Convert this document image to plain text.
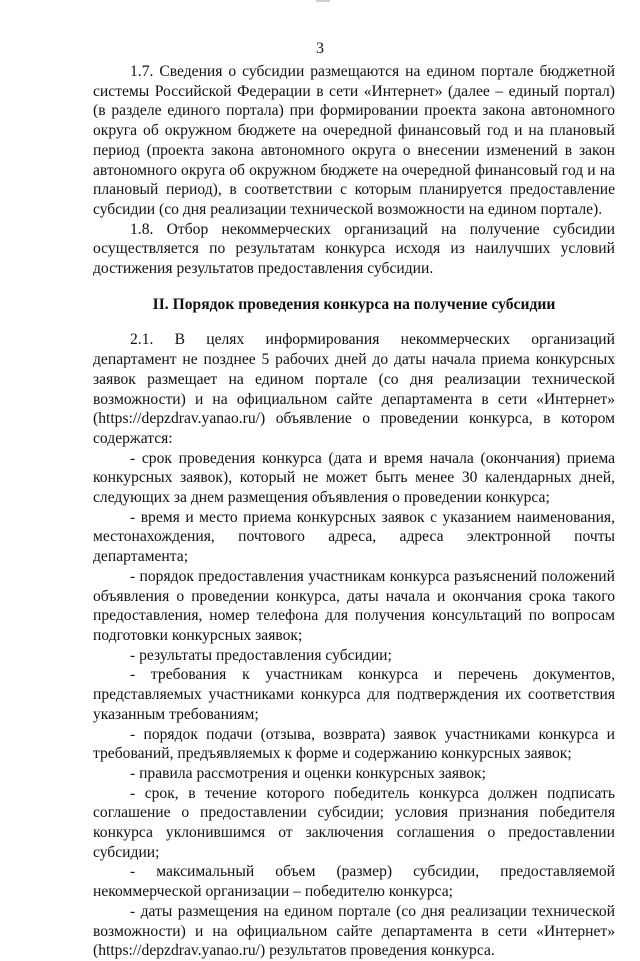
3

1.7. Сведения о субсидии размещаются на едином портале бюджетной системы Российской Федерации в сети «Интернет» (далее – единый портал) (в разделе единого портала) при формировании проекта закона автономного округа об окружном бюджете на очередной финансовый год и на плановый период (проекта закона автономного округа о внесении изменений в закон автономного округа об окружном бюджете на очередной финансовый год и на плановый период), в соответствии с которым планируется предоставление субсидии (со дня реализации технической возможности на едином портале).

1.8. Отбор некоммерческих организаций на получение субсидии осуществляется по результатам конкурса исходя из наилучших условий достижения результатов предоставления субсидии.

II. Порядок проведения конкурса на получение субсидии

2.1. В целях информирования некоммерческих организаций департамент не позднее 5 рабочих дней до даты начала приема конкурсных заявок размещает на едином портале (со дня реализации технической возможности) и на официальном сайте департамента в сети «Интернет» (https://depzdrav.yanao.ru/) объявление о проведении конкурса, в котором содержатся:

- срок проведения конкурса (дата и время начала (окончания) приема конкурсных заявок), который не может быть менее 30 календарных дней, следующих за днем размещения объявления о проведении конкурса;

- время и место приема конкурсных заявок с указанием наименования, местонахождения, почтового адреса, адреса электронной почты департамента;

- порядок предоставления участникам конкурса разъяснений положений объявления о проведении конкурса, даты начала и окончания срока такого предоставления, номер телефона для получения консультаций по вопросам подготовки конкурсных заявок;

- результаты предоставления субсидии;

- требования к участникам конкурса и перечень документов, представляемых участниками конкурса для подтверждения их соответствия указанным требованиям;

- порядок подачи (отзыва, возврата) заявок участниками конкурса и требований, предъявляемых к форме и содержанию конкурсных заявок;

- правила рассмотрения и оценки конкурсных заявок;

- срок, в течение которого победитель конкурса должен подписать соглашение о предоставлении субсидии; условия признания победителя конкурса уклонившимся от заключения соглашения о предоставлении субсидии;

- максимальный объем (размер) субсидии, предоставляемой некоммерческой организации – победителю конкурса;

- даты размещения на едином портале (со дня реализации технической возможности) и на официальном сайте департамента в сети «Интернет» (https://depzdrav.yanao.ru/) результатов проведения конкурса.
